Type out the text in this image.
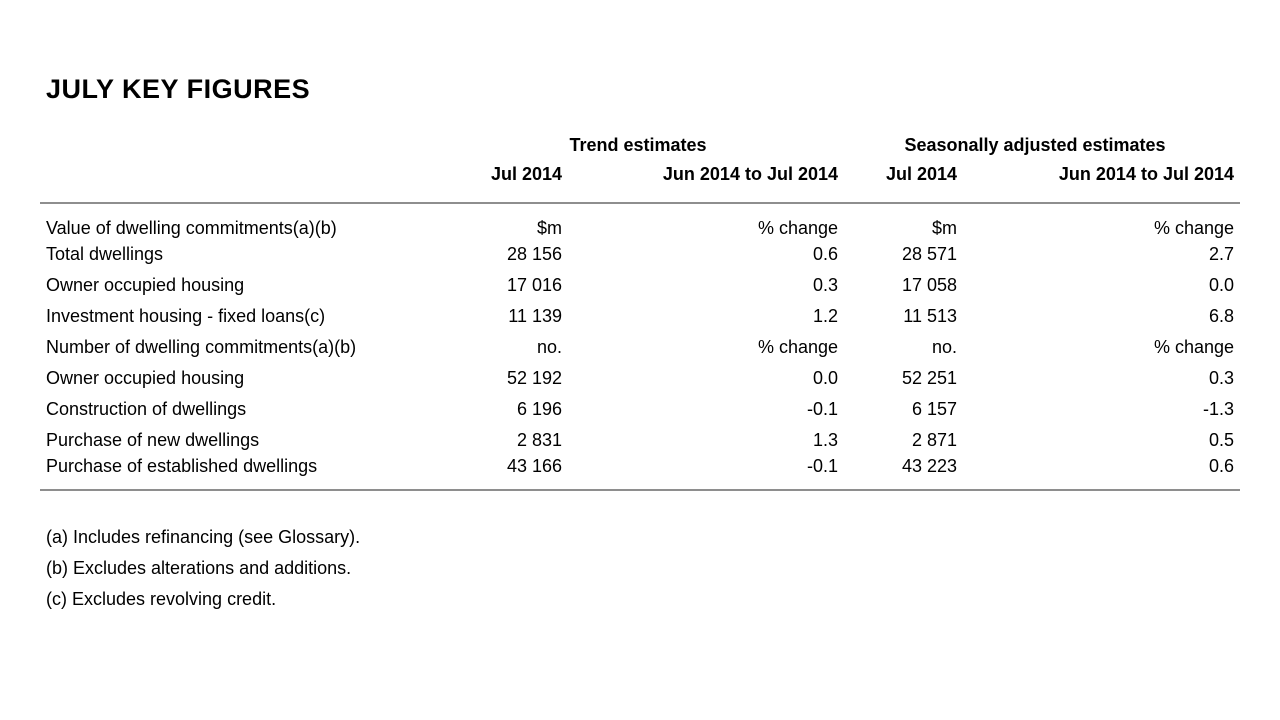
JULY KEY FIGURES
	Trend estimates		Seasonally adjusted estimates	
	Jul 2014	Jun 2014 to Jul 2014	Jul 2014	Jun 2014 to Jul 2014
Value of dwelling commitments(a)(b)	$m	% change	$m	% change
Total dwellings	28 156	0.6	28 571	2.7
Owner occupied housing	17 016	0.3	17 058	0.0
Investment housing - fixed loans(c)	11 139	1.2	11 513	6.8
Number of dwelling commitments(a)(b)	no.	% change	no.	% change
Owner occupied housing	52 192	0.0	52 251	0.3
Construction of dwellings	6 196	-0.1	6 157	-1.3
Purchase of new dwellings	2 831	1.3	2 871	0.5
Purchase of established dwellings	43 166	-0.1	43 223	0.6
(a) Includes refinancing (see Glossary).
(b) Excludes alterations and additions.
(c) Excludes revolving credit.
